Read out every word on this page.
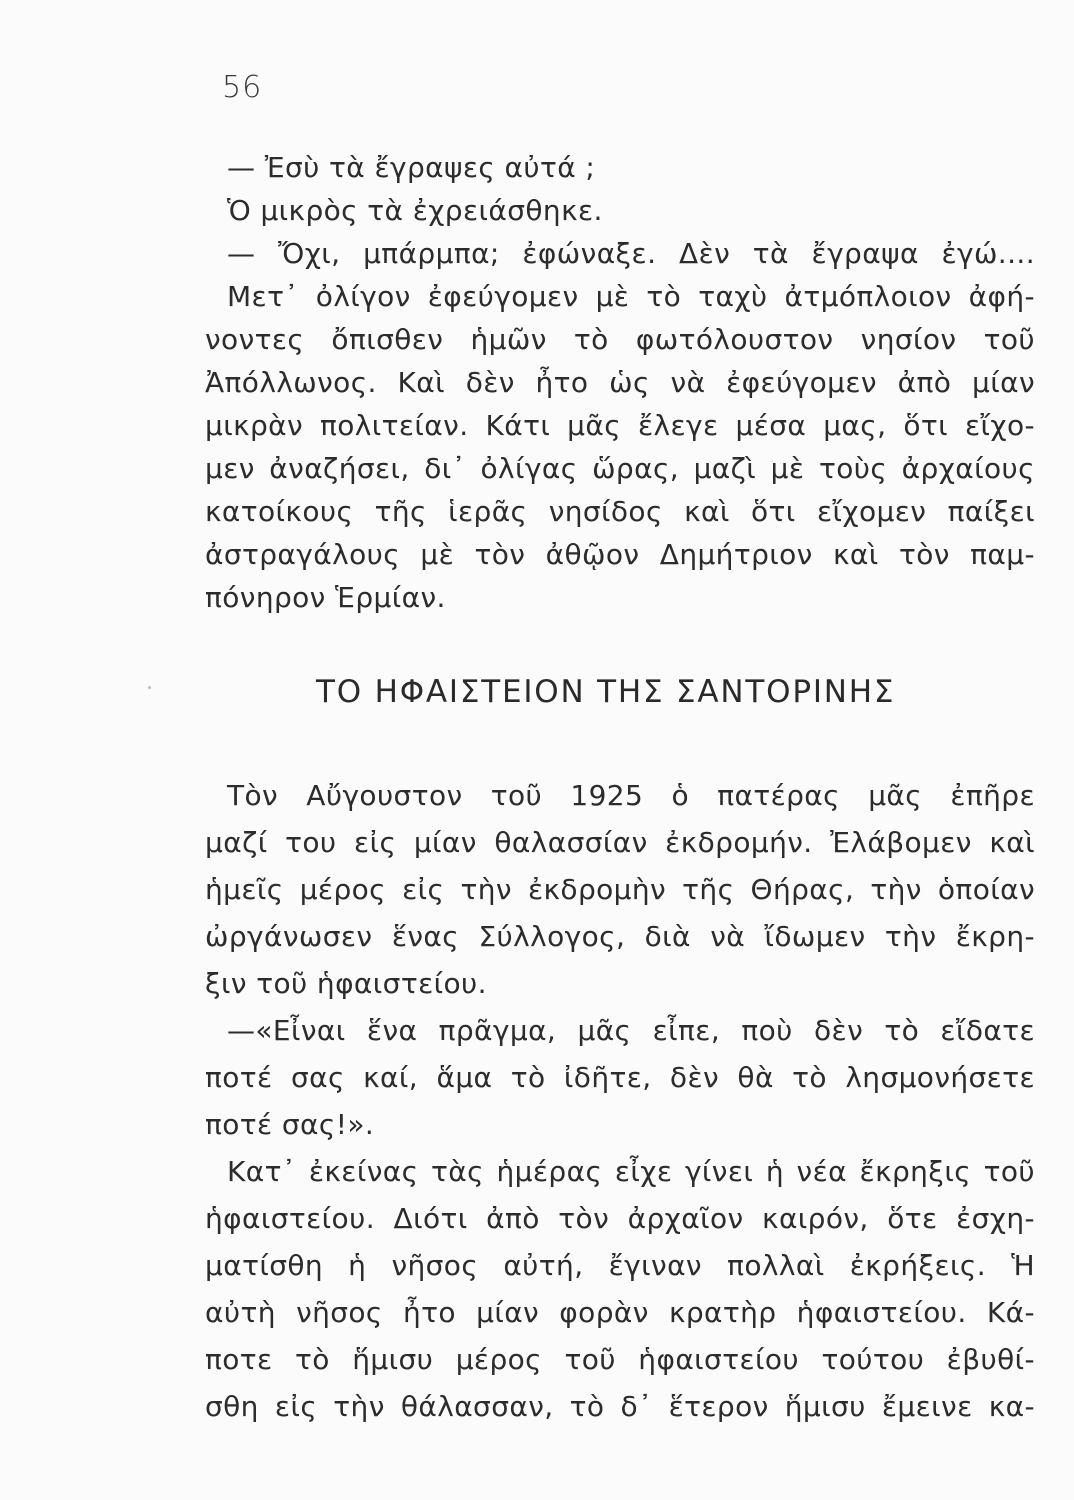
56
— Ἐσὺ τὰ ἔγραψες αὐτά ;
Ὁ μικρὸς τὰ ἐχρειάσθηκε.
— Ὄχι, μπάρμπα; ἐφώναξε. Δὲν τὰ ἔγραψα ἐγώ....
Μετ᾽ ὀλίγον ἐφεύγομεν μὲ τὸ ταχὺ ἀτμόπλοιον ἀφή-
νοντες ὄπισθεν ἡμῶν τὸ φωτόλουστον νησίον τοῦ
Ἀπόλλωνος. Καὶ δὲν ἦτο ὡς νὰ ἐφεύγομεν ἀπὸ μίαν
μικρὰν πολιτείαν. Κάτι μᾶς ἔλεγε μέσα μας, ὅτι εἴχο-
μεν ἀναζήσει, δι᾽ ὀλίγας ὥρας, μαζὶ μὲ τοὺς ἀρχαίους
κατοίκους τῆς ἱερᾶς νησίδος καὶ ὅτι εἴχομεν παίξει
ἀστραγάλους μὲ τὸν ἀθῷον Δημήτριον καὶ τὸν παμ-
πόνηρον Ἑρμίαν.
ΤΟ ΗΦΑΙΣΤΕΙΟΝ ΤΗΣ ΣΑΝΤΟΡΙΝΗΣ
Τὸν Αὔγουστον τοῦ 1925 ὁ πατέρας μᾶς ἐπῆρε
μαζί του εἰς μίαν θαλασσίαν ἐκδρομήν. Ἐλάβομεν καὶ
ἡμεῖς μέρος εἰς τὴν ἐκδρομὴν τῆς Θήρας, τὴν ὁποίαν
ὠργάνωσεν ἕνας Σύλλογος, διὰ νὰ ἴδωμεν τὴν ἔκρη-
ξιν τοῦ ἡφαιστείου.
—«Εἶναι ἕνα πρᾶγμα, μᾶς εἶπε, ποὺ δὲν τὸ εἴδατε
ποτέ σας καί, ἅμα τὸ ἰδῆτε, δὲν θὰ τὸ λησμονήσετε
ποτέ σας!».
Κατ᾽ ἐκείνας τὰς ἡμέρας εἶχε γίνει ἡ νέα ἔκρηξις τοῦ
ἡφαιστείου. Διότι ἀπὸ τὸν ἀρχαῖον καιρόν, ὅτε ἐσχη-
ματίσθη ἡ νῆσος αὐτή, ἔγιναν πολλαὶ ἐκρήξεις. Ἡ
αὐτὴ νῆσος ἦτο μίαν φορὰν κρατὴρ ἡφαιστείου. Κά-
ποτε τὸ ἥμισυ μέρος τοῦ ἡφαιστείου τούτου ἐβυθί-
σθη εἰς τὴν θάλασσαν, τὸ δ᾽ ἕτερον ἥμισυ ἔμεινε κα-
